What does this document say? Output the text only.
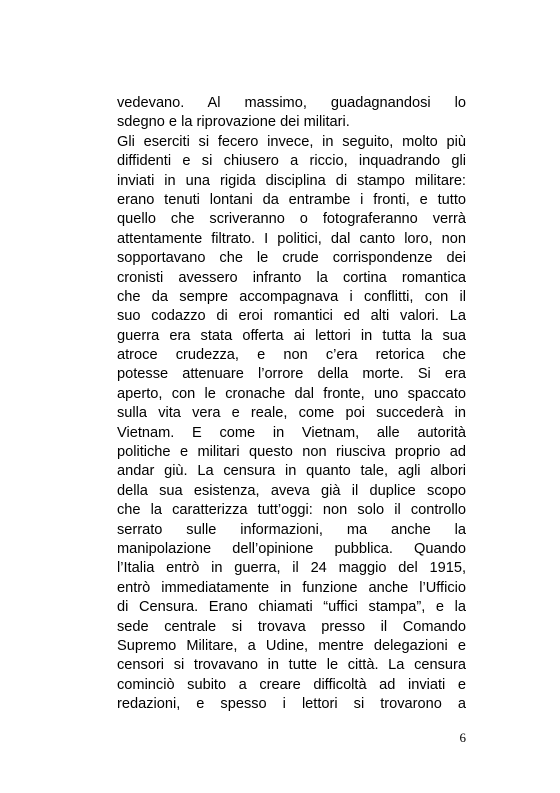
vedevano. Al massimo, guadagnandosi lo
sdegno e la riprovazione dei militari.
Gli eserciti si fecero invece, in seguito, molto più
diffidenti e si chiusero a riccio, inquadrando gli
inviati in una rigida disciplina di stampo militare:
erano tenuti lontani da entrambe i fronti, e tutto
quello che scriveranno o fotograferanno verrà
attentamente filtrato. I politici, dal canto loro, non
sopportavano che le crude corrispondenze dei
cronisti avessero infranto la cortina romantica
che da sempre accompagnava i conflitti, con il
suo codazzo di eroi romantici ed alti valori. La
guerra era stata offerta ai lettori in tutta la sua
atroce crudezza, e non c’era retorica che
potesse attenuare l’orrore della morte. Si era
aperto, con le cronache dal fronte, uno spaccato
sulla vita vera e reale, come poi succederà in
Vietnam. E come in Vietnam, alle autorità
politiche e militari questo non riusciva proprio ad
andar giù. La censura in quanto tale, agli albori
della sua esistenza, aveva già il duplice scopo
che la caratterizza tutt’oggi: non solo il controllo
serrato sulle informazioni, ma anche la
manipolazione dell’opinione pubblica. Quando
l’Italia entrò in guerra, il 24 maggio del 1915,
entrò immediatamente in funzione anche l’Ufficio
di Censura. Erano chiamati “uffici stampa”, e la
sede centrale si trovava presso il Comando
Supremo Militare, a Udine, mentre delegazioni e
censori si trovavano in tutte le città. La censura
cominciò subito a creare difficoltà ad inviati e
redazioni, e spesso i lettori si trovarono a
6
